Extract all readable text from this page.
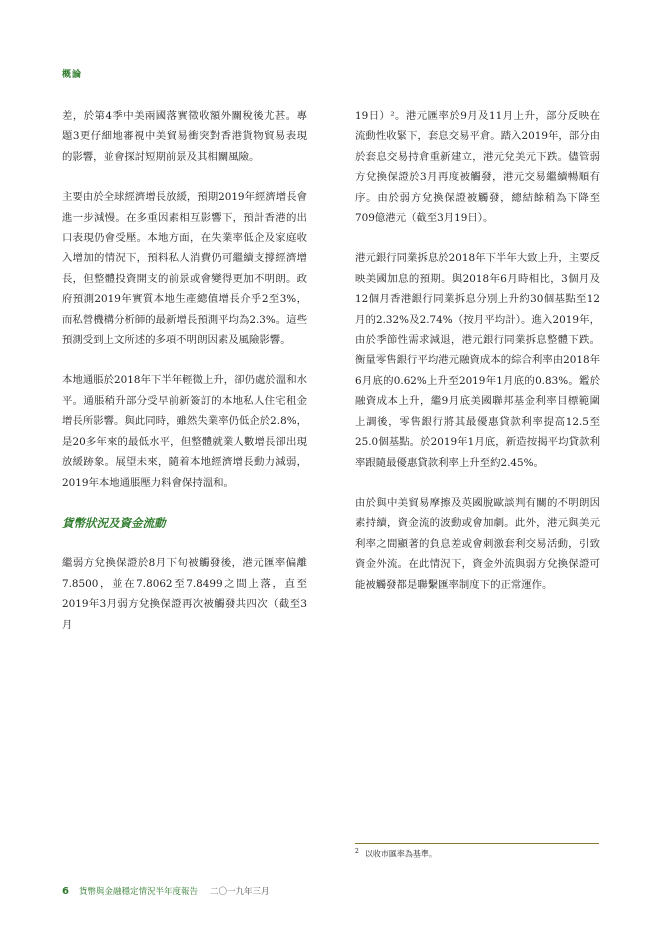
概論

差，於第4季中美兩國落實徵收額外關稅後尤甚。專題3更仔細地審視中美貿易衝突對香港貨物貿易表現的影響，並會探討短期前景及其相關風險。

主要由於全球經濟增長放緩，預期2019年經濟增長會進一步減慢。在多重因素相互影響下，預計香港的出口表現仍會受壓。本地方面，在失業率低企及家庭收入增加的情況下，預料私人消費仍可繼續支撐經濟增長，但整體投資開支的前景或會變得更加不明朗。政府預測2019年實質本地生產總值增長介乎2至3%，而私營機構分析師的最新增長預測平均為2.3%。這些預測受到上文所述的多項不明朗因素及風險影響。

本地通脹於2018年下半年輕微上升，卻仍處於溫和水平。通脹稍升部分受早前新簽訂的本地私人住宅租金增長所影響。與此同時，雖然失業率仍低企於2.8%，是20多年來的最低水平，但整體就業人數增長卻出現放緩跡象。展望未來，隨着本地經濟增長動力減弱，2019年本地通脹壓力料會保持溫和。

貨幣狀況及資金流動

繼弱方兌換保證於8月下旬被觸發後，港元匯率偏離7.8500，並在7.8062至7.8499之間上落，直至2019年3月弱方兌換保證再次被觸發共四次（截至3月

19日）²。港元匯率於9月及11月上升，部分反映在流動性收緊下，套息交易平倉。踏入2019年，部分由於套息交易持倉重新建立，港元兌美元下跌。儘管弱方兌換保證於3月再度被觸發，港元交易繼續暢順有序。由於弱方兌換保證被觸發，總結餘稍為下降至709億港元（截至3月19日）。

港元銀行同業拆息於2018年下半年大致上升，主要反映美國加息的預期。與2018年6月時相比，3個月及12個月香港銀行同業拆息分別上升約30個基點至12月的2.32%及2.74%（按月平均計）。進入2019年，由於季節性需求減退，港元銀行同業拆息整體下跌。衡量零售銀行平均港元融資成本的綜合利率由2018年6月底的0.62%上升至2019年1月底的0.83%。鑑於融資成本上升，繼9月底美國聯邦基金利率目標範圍上調後，零售銀行將其最優惠貸款利率提高12.5至25.0個基點。於2019年1月底，新造按揭平均貸款利率跟隨最優惠貸款利率上升至約2.45%。

由於與中美貿易摩擦及英國脫歐談判有關的不明朗因素持續，資金流的波動或會加劇。此外，港元與美元利率之間顯著的負息差或會刺激套利交易活動，引致資金外流。在此情況下，資金外流與弱方兌換保證可能被觸發都是聯繫匯率制度下的正常運作。

$^2$ 以收市匯率為基準。
6 貨幣與金融穩定情況半年度報告 二〇一九年三月
